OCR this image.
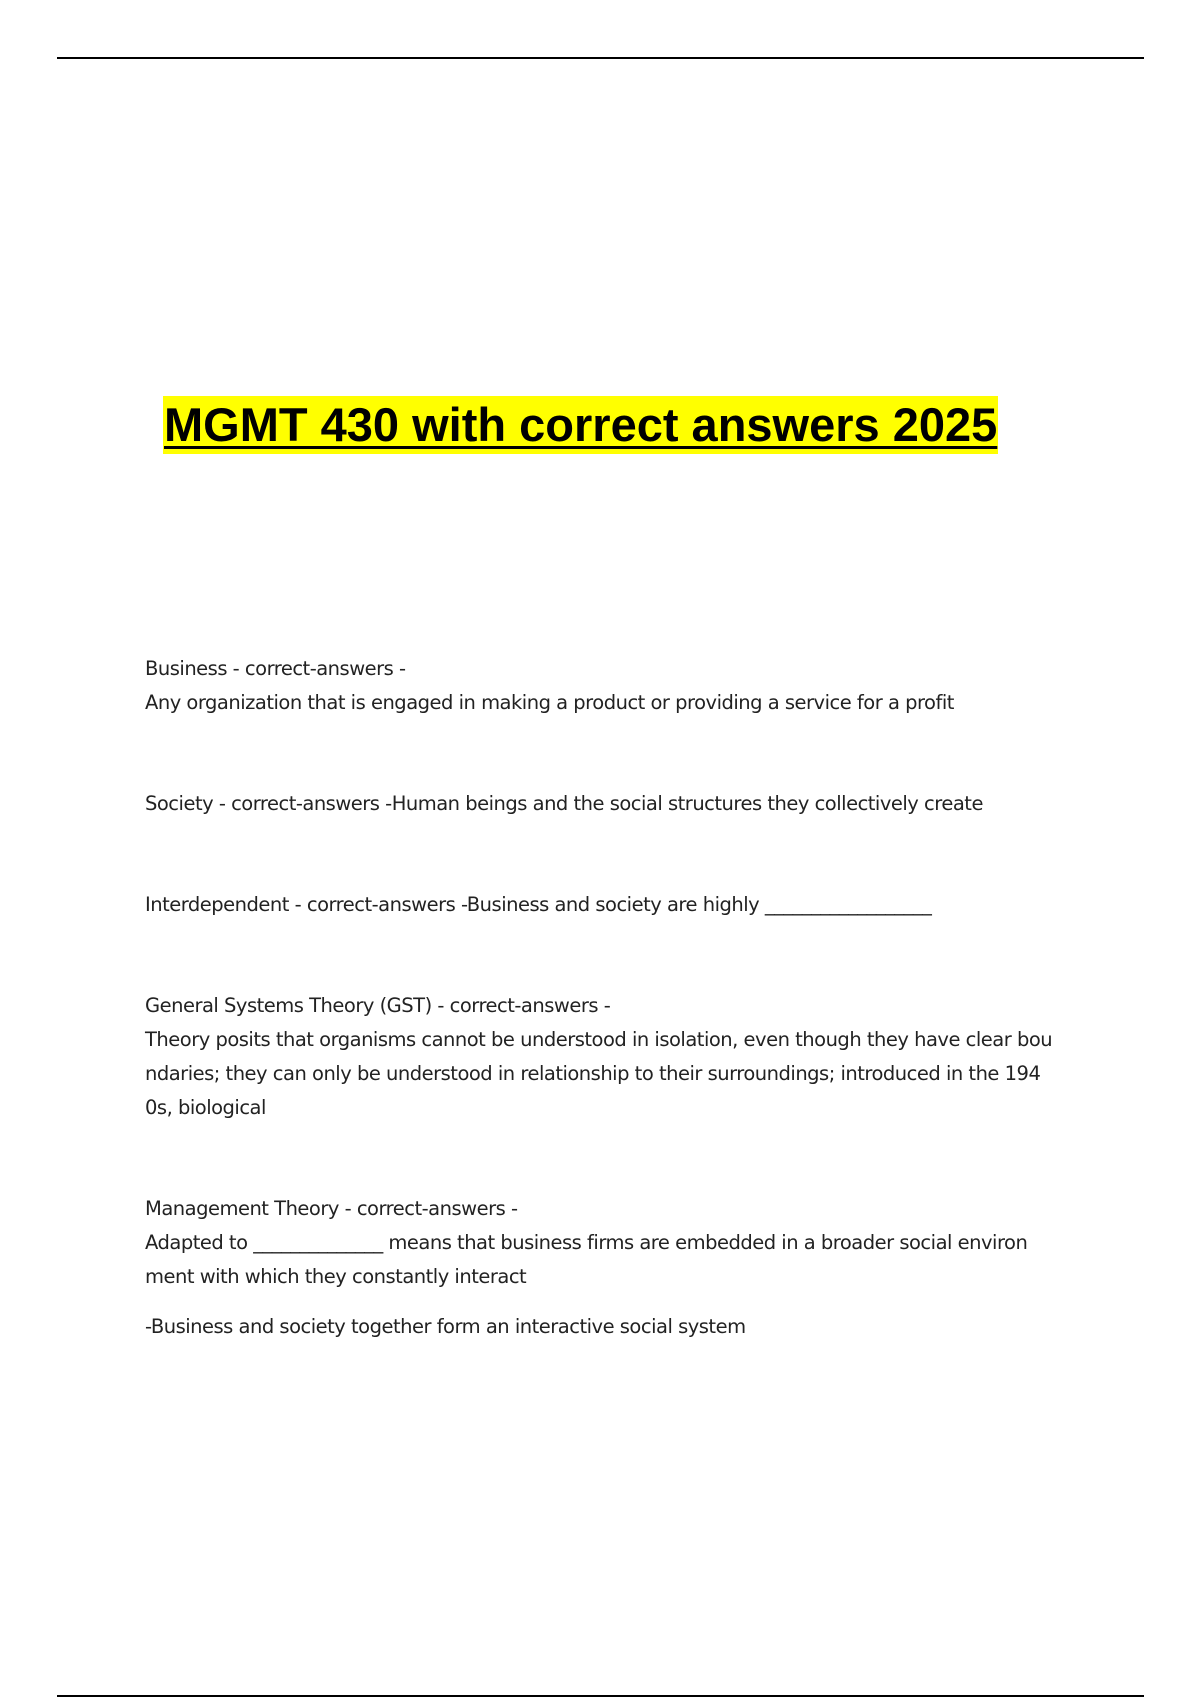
MGMT 430 with correct answers 2025
Business - correct-answers -
Any organization that is engaged in making a product or providing a service for a profit
Society - correct-answers -Human beings and the social structures they collectively create
Interdependent - correct-answers -Business and society are highly __________________
General Systems Theory (GST) - correct-answers -
Theory posits that organisms cannot be understood in isolation, even though they have clear bou
ndaries; they can only be understood in relationship to their surroundings; introduced in the 194
0s, biological
Management Theory - correct-answers -
Adapted to ______________ means that business firms are embedded in a broader social environ
ment with which they constantly interact
-Business and society together form an interactive social system
